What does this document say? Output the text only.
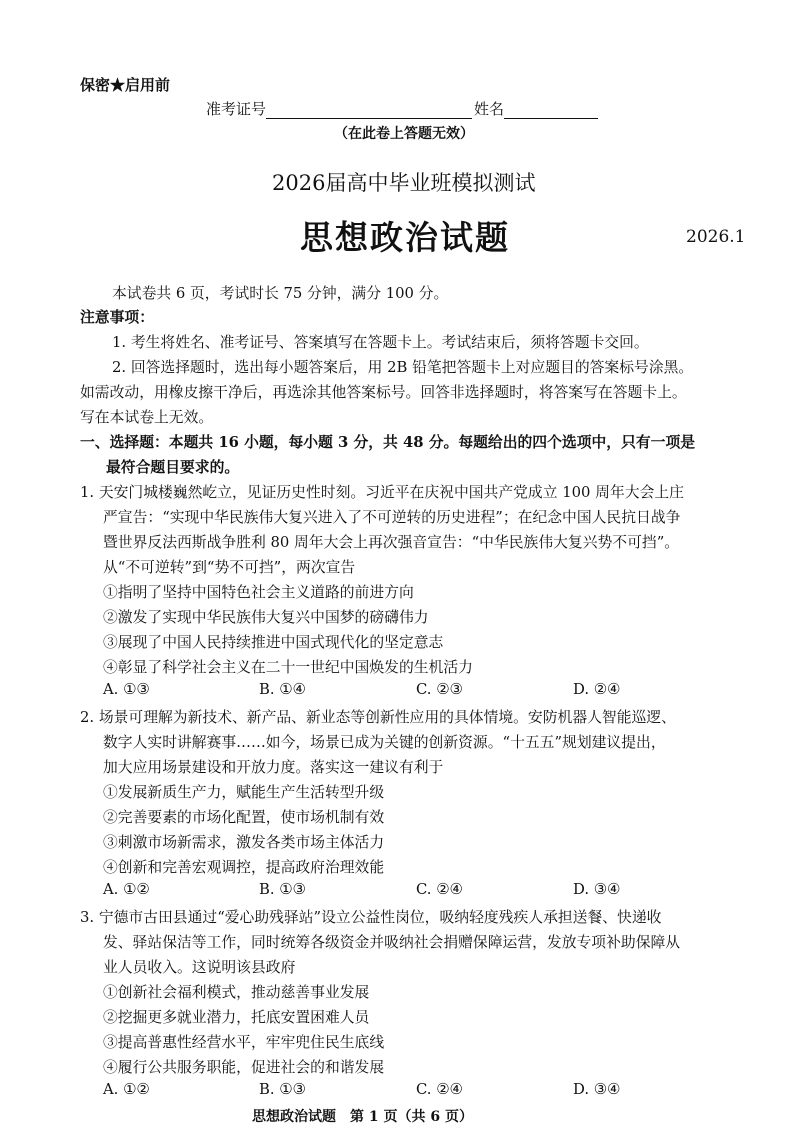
保密★启用前
准考证号	姓名
（在此卷上答题无效）
2026届高中毕业班模拟测试
思想政治试题	2026.1
本试卷共 6 页，考试时长 75 分钟，满分 100 分。
注意事项：
1. 考生将姓名、准考证号、答案填写在答题卡上。考试结束后，须将答题卡交回。
2. 回答选择题时，选出每小题答案后，用 2B 铅笔把答题卡上对应题目的答案标号涂黑。
如需改动，用橡皮擦干净后，再选涂其他答案标号。回答非选择题时，将答案写在答题卡上。
写在本试卷上无效。
一、选择题：本题共 16 小题，每小题 3 分，共 48 分。每题给出的四个选项中，只有一项是
最符合题目要求的。
1. 天安门城楼巍然屹立，见证历史性时刻。习近平在庆祝中国共产党成立 100 周年大会上庄
严宣告：“实现中华民族伟大复兴进入了不可逆转的历史进程”；在纪念中国人民抗日战争
暨世界反法西斯战争胜利 80 周年大会上再次强音宣告：“中华民族伟大复兴势不可挡”。
从“不可逆转”到“势不可挡”，两次宣告
①指明了坚持中国特色社会主义道路的前进方向
②激发了实现中华民族伟大复兴中国梦的磅礴伟力
③展现了中国人民持续推进中国式现代化的坚定意志
④彰显了科学社会主义在二十一世纪中国焕发的生机活力
A. ①③	B. ①④	C. ②③	D. ②④
2. 场景可理解为新技术、新产品、新业态等创新性应用的具体情境。安防机器人智能巡逻、
数字人实时讲解赛事……如今，场景已成为关键的创新资源。“十五五”规划建议提出，
加大应用场景建设和开放力度。落实这一建议有利于
①发展新质生产力，赋能生产生活转型升级
②完善要素的市场化配置，使市场机制有效
③刺激市场新需求，激发各类市场主体活力
④创新和完善宏观调控，提高政府治理效能
A. ①②	B. ①③	C. ②④	D. ③④
3. 宁德市古田县通过“爱心助残驿站”设立公益性岗位，吸纳轻度残疾人承担送餐、快递收
发、驿站保洁等工作，同时统筹各级资金并吸纳社会捐赠保障运营，发放专项补助保障从
业人员收入。这说明该县政府
①创新社会福利模式，推动慈善事业发展
②挖掘更多就业潜力，托底安置困难人员
③提高普惠性经营水平，牢牢兜住民生底线
④履行公共服务职能，促进社会的和谐发展
A. ①②	B. ①③	C. ②④	D. ③④
思想政治试题　第 1 页（共 6 页）
